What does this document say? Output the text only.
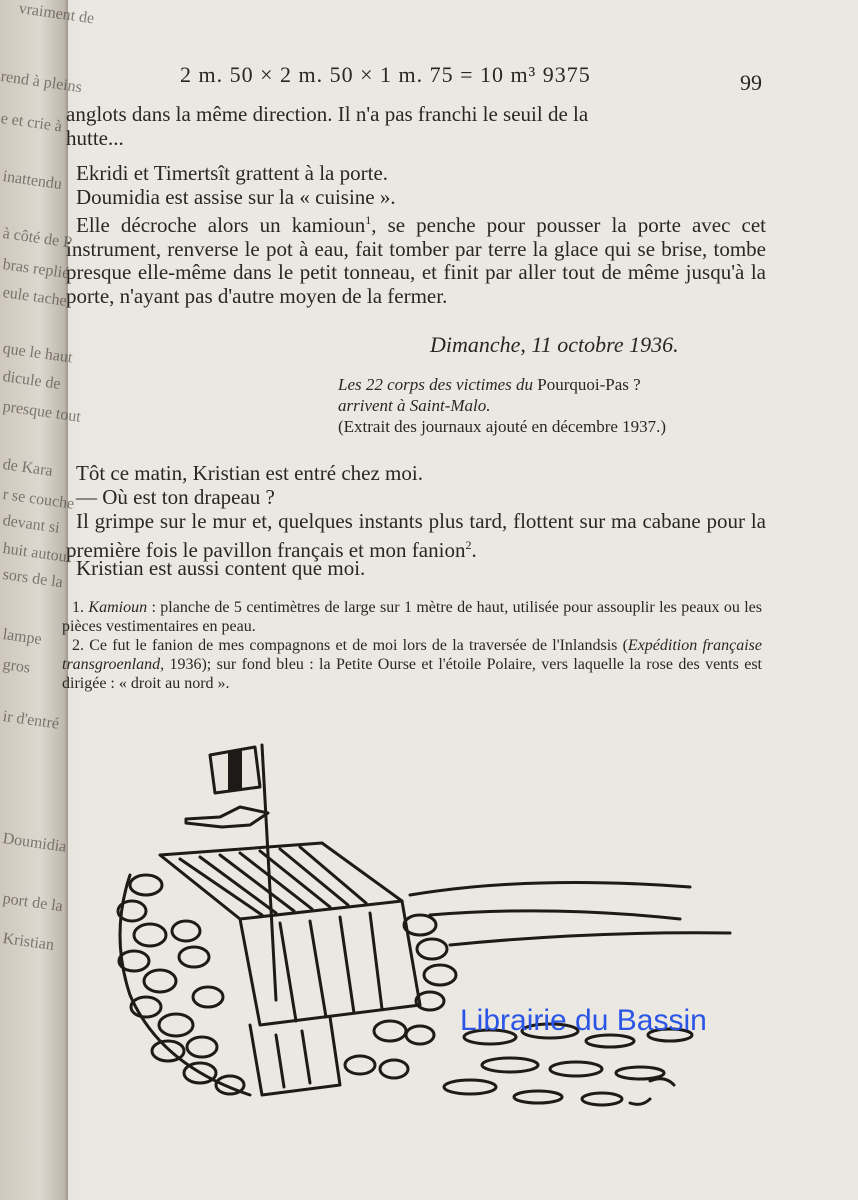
vraiment de
rend à pleins
e et crie à
inattendu
à côté de P
bras replié
eule tache
que le haut
dicule de
presque tout
de Kara
r se couche
devant si
huit autour
sors de la
lampe
gros
ir d'entré
Doumidia
port de la
Kristian
2 m. 50 × 2 m. 50 × 1 m. 75 = 10 m³ 9375	99

anglots dans la même direction. Il n'a pas franchi le seuil de la

hutte...

Ekridi et Timertsît grattent à la porte.

Doumidia est assise sur la « cuisine ».

Elle décroche alors un kamioun$^1$, se penche pour pousser la porte avec cet instrument, renverse le pot à eau, fait tomber par terre la glace qui se brise, tombe presque elle-même dans le petit tonneau, et finit par aller tout de même jusqu'à la porte, n'ayant pas d'autre moyen de la fermer.

Dimanche, 11 octobre 1936.
Les 22 corps des victimes du Pourquoi-Pas ?
arrivent à Saint-Malo.
(Extrait des journaux ajouté en décembre 1937.)

Tôt ce matin, Kristian est entré chez moi.

— Où est ton drapeau ?

Il grimpe sur le mur et, quelques instants plus tard, flottent sur ma cabane pour la première fois le pavillon français et mon fanion$^2$.

Kristian est aussi content que moi.

1. Kamioun : planche de 5 centimètres de large sur 1 mètre de haut, utilisée pour assouplir les peaux ou les pièces vestimentaires en peau.

2. Ce fut le fanion de mes compagnons et de moi lors de la traversée de l'Inlandsis (Expédition française transgroenland, 1936); sur fond bleu : la Petite Ourse et l'étoile Polaire, vers laquelle la rose des vents est dirigée : « droit au nord ».

Librairie du Bassin
